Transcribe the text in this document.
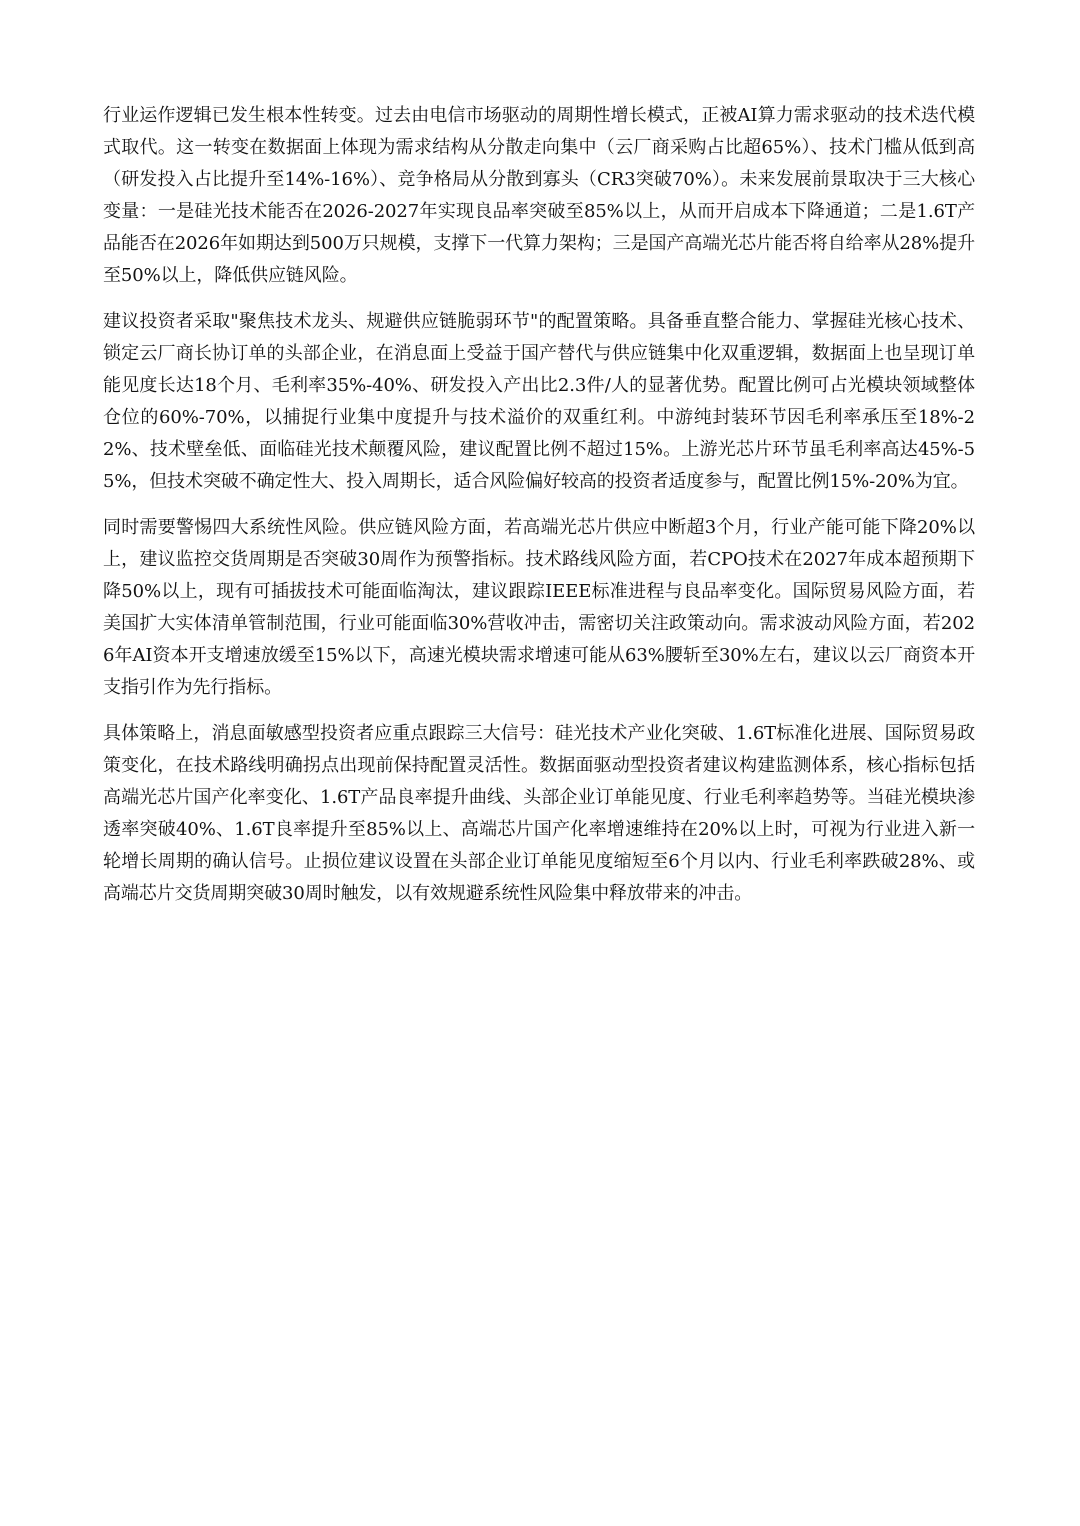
行业运作逻辑已发生根本性转变。过去由电信市场驱动的周期性增长模式，正被AI算力需求驱动的技术迭代模式取代。这一转变在数据面上体现为需求结构从分散走向集中（云厂商采购占比超65%）、技术门槛从低到高（研发投入占比提升至14%-16%）、竞争格局从分散到寡头（CR3突破70%）。未来发展前景取决于三大核心变量：一是硅光技术能否在2026-2027年实现良品率突破至85%以上，从而开启成本下降通道；二是1.6T产品能否在2026年如期达到500万只规模，支撑下一代算力架构；三是国产高端光芯片能否将自给率从28%提升至50%以上，降低供应链风险。

建议投资者采取"聚焦技术龙头、规避供应链脆弱环节"的配置策略。具备垂直整合能力、掌握硅光核心技术、锁定云厂商长协订单的头部企业，在消息面上受益于国产替代与供应链集中化双重逻辑，数据面上也呈现订单能见度长达18个月、毛利率35%-40%、研发投入产出比2.3件/人的显著优势。配置比例可占光模块领域整体仓位的60%-70%，以捕捉行业集中度提升与技术溢价的双重红利。中游纯封装环节因毛利率承压至18%-22%、技术壁垒低、面临硅光技术颠覆风险，建议配置比例不超过15%。上游光芯片环节虽毛利率高达45%-55%，但技术突破不确定性大、投入周期长，适合风险偏好较高的投资者适度参与，配置比例15%-20%为宜。

同时需要警惕四大系统性风险。供应链风险方面，若高端光芯片供应中断超3个月，行业产能可能下降20%以上，建议监控交货周期是否突破30周作为预警指标。技术路线风险方面，若CPO技术在2027年成本超预期下降50%以上，现有可插拔技术可能面临淘汰，建议跟踪IEEE标准进程与良品率变化。国际贸易风险方面，若美国扩大实体清单管制范围，行业可能面临30%营收冲击，需密切关注政策动向。需求波动风险方面，若2026年AI资本开支增速放缓至15%以下，高速光模块需求增速可能从63%腰斩至30%左右，建议以云厂商资本开支指引作为先行指标。

具体策略上，消息面敏感型投资者应重点跟踪三大信号：硅光技术产业化突破、1.6T标准化进展、国际贸易政策变化，在技术路线明确拐点出现前保持配置灵活性。数据面驱动型投资者建议构建监测体系，核心指标包括高端光芯片国产化率变化、1.6T产品良率提升曲线、头部企业订单能见度、行业毛利率趋势等。当硅光模块渗透率突破40%、1.6T良率提升至85%以上、高端芯片国产化率增速维持在20%以上时，可视为行业进入新一轮增长周期的确认信号。止损位建议设置在头部企业订单能见度缩短至6个月以内、行业毛利率跌破28%、或高端芯片交货周期突破30周时触发，以有效规避系统性风险集中释放带来的冲击。
